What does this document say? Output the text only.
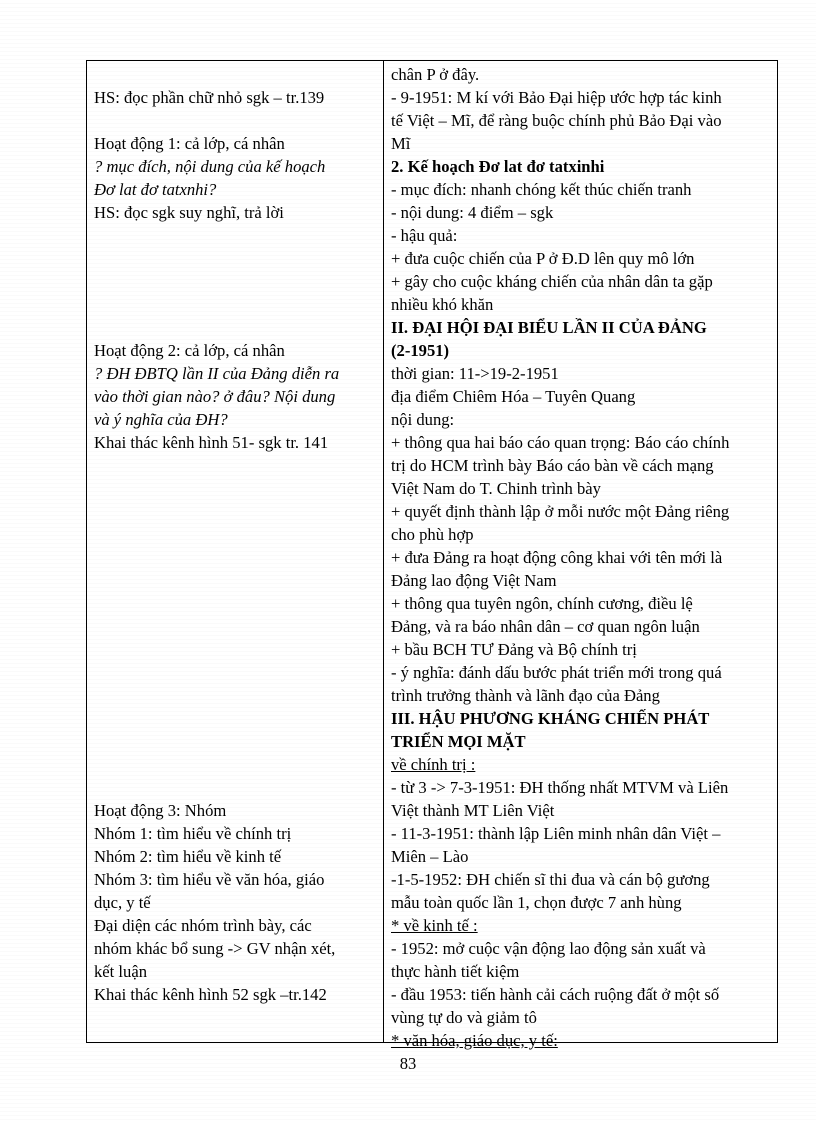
HS: đọc phần chữ nhỏ sgk – tr.139
Hoạt động 1: cả lớp, cá nhân
? mục đích, nội dung của kế hoạch
Đơ lat đơ tatxnhi?
HS: đọc sgk suy nghĩ, trả lời
Hoạt động 2: cả lớp, cá nhân
? ĐH ĐBTQ lần II của Đảng diễn ra
vào thời gian nào? ở đâu? Nội dung
và ý nghĩa của ĐH?
Khai thác kênh hình 51- sgk tr. 141
Hoạt động 3: Nhóm
Nhóm 1: tìm hiểu về chính trị
Nhóm 2: tìm hiểu về kinh tế
Nhóm 3: tìm hiểu về văn hóa, giáo
dục, y tế
Đại diện các nhóm trình bày, các
nhóm khác bổ sung -> GV nhận xét,
kết luận
Khai thác kênh hình 52 sgk –tr.142
chân P ở đây.
- 9-1951: M kí với Bảo Đại hiệp ước hợp tác kinh
tế Việt – Mĩ, để ràng buộc chính phủ Bảo Đại vào
Mĩ
2. Kế hoạch Đơ lat đơ tatxinhi
- mục đích: nhanh chóng kết thúc chiến tranh
- nội dung: 4 điểm – sgk
- hậu quả:
+ đưa cuộc chiến của P ở Đ.D lên quy mô lớn
+ gây cho cuộc kháng chiến của nhân dân ta gặp
nhiều khó khăn
II. ĐẠI HỘI ĐẠI BIỂU LẦN II CỦA ĐẢNG
(2-1951)
thời gian: 11->19-2-1951
địa điểm Chiêm Hóa – Tuyên Quang
nội dung:
+ thông qua hai báo cáo quan trọng: Báo cáo chính
trị do HCM trình bày Báo cáo bàn về cách mạng
Việt Nam do T. Chinh trình bày
+ quyết định thành lập ở mỗi nước một Đảng riêng
cho phù hợp
+ đưa Đảng ra hoạt động công khai với tên mới là
Đảng lao động Việt Nam
+ thông qua tuyên ngôn, chính cương, điều lệ
Đảng, và ra báo nhân dân – cơ quan ngôn luận
+ bầu BCH TƯ Đảng và Bộ chính trị
- ý nghĩa: đánh dấu bước phát triển mới trong quá
trình trưởng thành và lãnh đạo của Đảng
III. HẬU PHƯƠNG KHÁNG CHIẾN PHÁT
TRIỂN MỌI MẶT
về chính trị :
- từ 3 -> 7-3-1951: ĐH thống nhất MTVM và Liên
Việt thành MT Liên Việt
- 11-3-1951: thành lập Liên minh nhân dân Việt –
Miên – Lào
-1-5-1952: ĐH chiến sĩ thi đua và cán bộ gương
mẫu toàn quốc lần 1, chọn được 7 anh hùng
* về kinh tế :
- 1952: mở cuộc vận động lao động sản xuất và
thực hành tiết kiệm
- đầu 1953: tiến hành cải cách ruộng đất ở một số
vùng tự do và giảm tô
* văn hóa, giáo dục, y tế:
83
